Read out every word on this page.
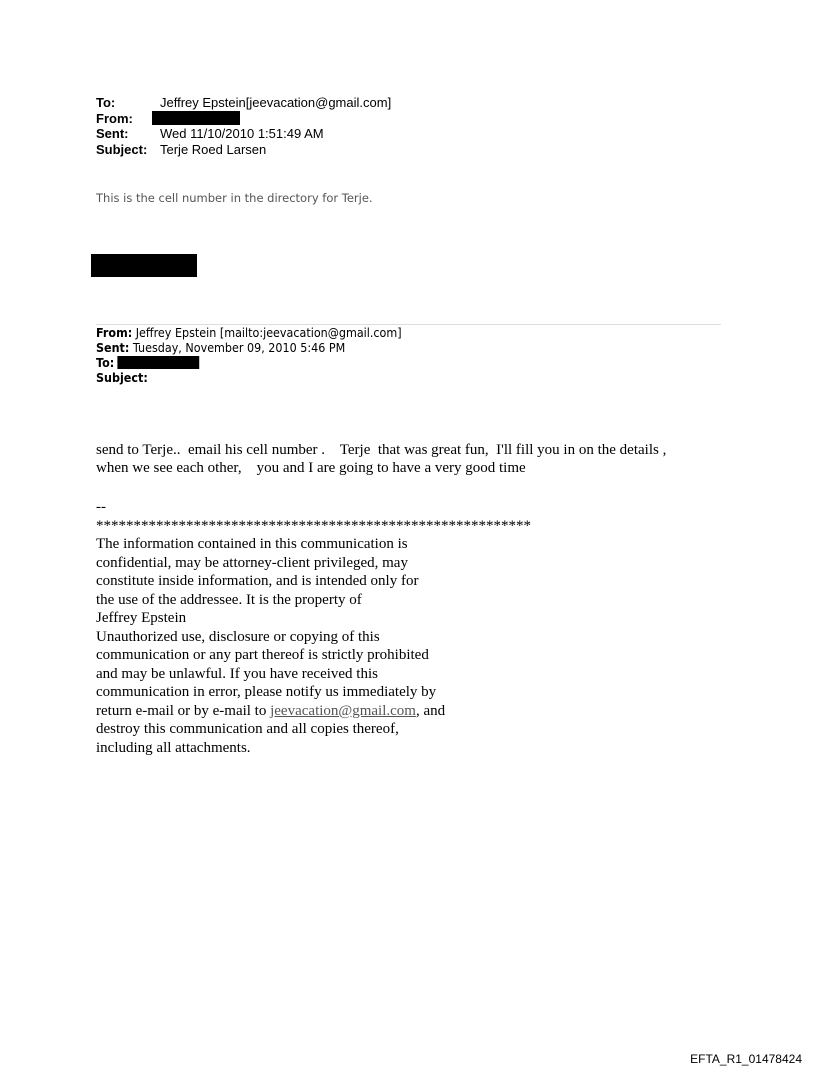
To:	Jeffrey Epstein[jeevacation@gmail.com]
From:
Sent:	Wed 11/10/2010 1:51:49 AM
Subject: Terje Roed Larsen
This is the cell number in the directory for Terje.
From: Jeffrey Epstein [mailto:jeevacation@gmail.com]
Sent: Tuesday, November 09, 2010 5:46 PM
To:
Subject:
send to Terje..  email his cell number .    Terje  that was great fun,  I'll fill you in on the details ,
when we see each other,    you and I are going to have a very good time
--
**********************************************************
The information contained in this communication is
confidential, may be attorney-client privileged, may
constitute inside information, and is intended only for
the use of the addressee. It is the property of
Jeffrey Epstein
Unauthorized use, disclosure or copying of this
communication or any part thereof is strictly prohibited
and may be unlawful. If you have received this
communication in error, please notify us immediately by
return e-mail or by e-mail to jeevacation@gmail.com, and
destroy this communication and all copies thereof,
including all attachments.
EFTA_R1_01478424
